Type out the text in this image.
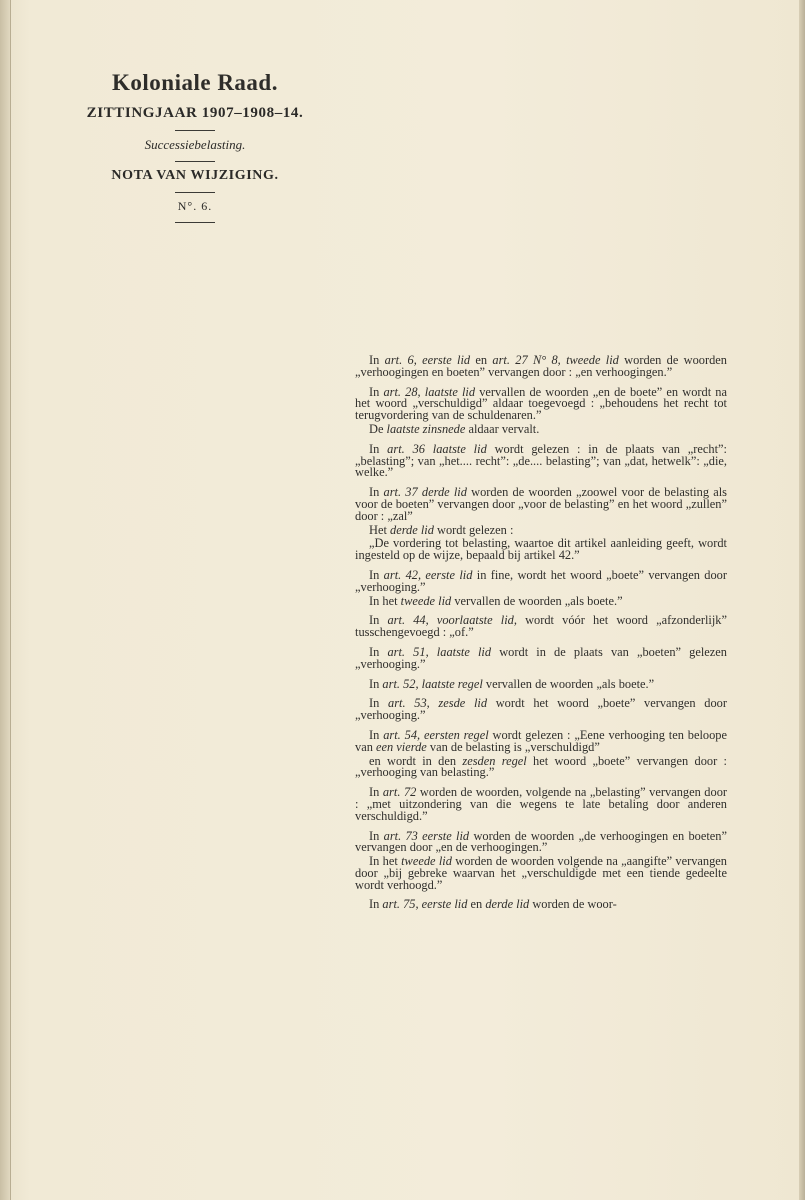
Koloniale Raad.
ZITTINGJAAR 1907–1908–14.
Successiebelasting.
NOTA VAN WIJZIGING.
N°. 6.

In art. 6, eerste lid en art. 27 N° 8, tweede lid worden de woorden „verhoogingen en boeten” vervangen door : „en verhoogingen.”

In art. 28, laatste lid vervallen de woorden „en de boete” en wordt na het woord „verschuldigd” aldaar toegevoegd : „behoudens het recht tot terugvordering van de schuldenaren.”

De laatste zinsnede aldaar vervalt.

In art. 36 laatste lid wordt gelezen : in de plaats van „recht”: „belasting”; van „het.... recht”: „de.... belasting”; van „dat, hetwelk”: „die, welke.”

In art. 37 derde lid worden de woorden „zoowel voor de belasting als voor de boeten” vervangen door „voor de belasting” en het woord „zullen” door : „zal”

Het derde lid wordt gelezen :

„De vordering tot belasting, waartoe dit artikel aanleiding geeft, wordt ingesteld op de wijze, bepaald bij artikel 42.”

In art. 42, eerste lid in fine, wordt het woord „boete” vervangen door „verhooging.”

In het tweede lid vervallen de woorden „als boete.”

In art. 44, voorlaatste lid, wordt vóór het woord „afzonderlijk” tusschengevoegd : „of.”

In art. 51, laatste lid wordt in de plaats van „boeten” gelezen „verhooging.”

In art. 52, laatste regel vervallen de woorden „als boete.”

In art. 53, zesde lid wordt het woord „boete” vervangen door „verhooging.”

In art. 54, eersten regel wordt gelezen : „Eene verhooging ten beloope van een vierde van de belasting is „verschuldigd”

en wordt in den zesden regel het woord „boete” vervangen door : „verhooging van belasting.”

In art. 72 worden de woorden, volgende na „belasting” vervangen door : „met uitzondering van die wegens te late betaling door anderen verschuldigd.”

In art. 73 eerste lid worden de woorden „de verhoogingen en boeten” vervangen door „en de verhoogingen.”

In het tweede lid worden de woorden volgende na „aangifte” vervangen door „bij gebreke waarvan het „verschuldigde met een tiende gedeelte wordt verhoogd.”

In art. 75, eerste lid en derde lid worden de woor-
